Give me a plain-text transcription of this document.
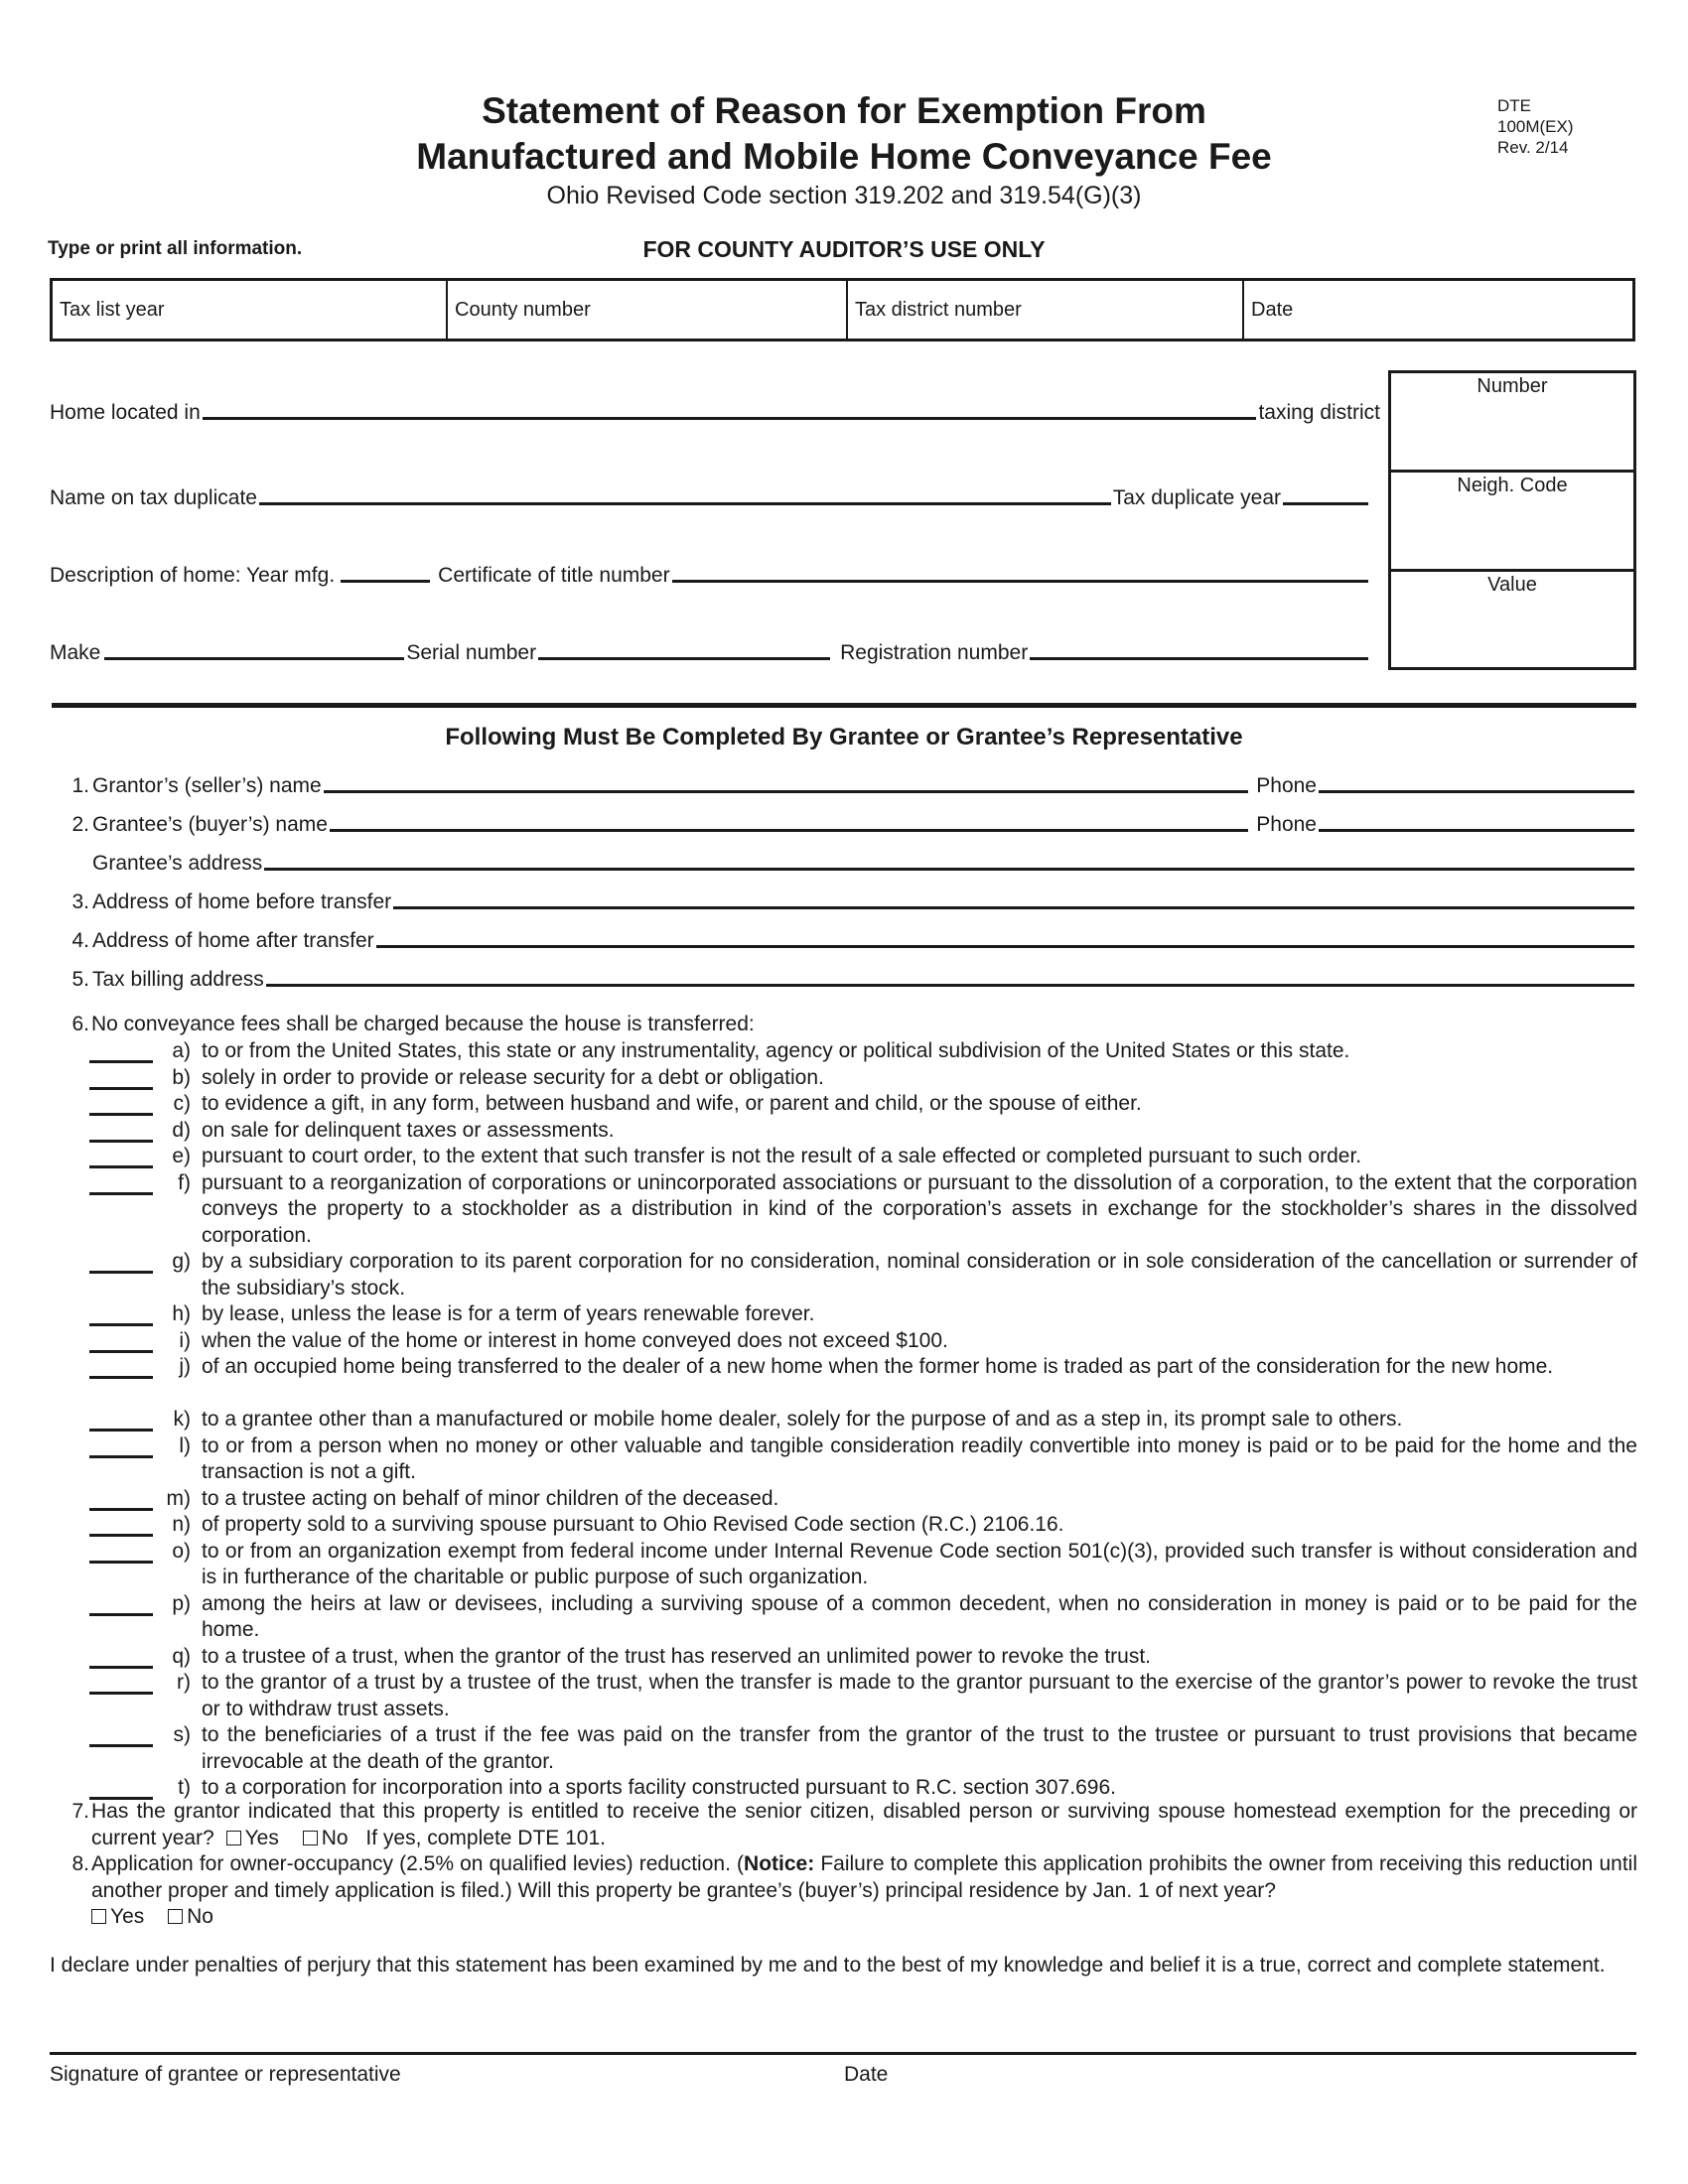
Statement of Reason for Exemption From
Manufactured and Mobile Home Conveyance Fee
Ohio Revised Code section 319.202 and 319.54(G)(3)
DTE
100M(EX)
Rev. 2/14
Type or print all information.	FOR COUNTY AUDITOR’S USE ONLY
Tax list year	County number	Tax district number	Date
Home located in	taxing district
Name on tax duplicate	Tax duplicate year
Description of home: Year mfg.	Certificate of title number
Make	Serial number	Registration number
Number
Neigh. Code
Value
Following Must Be Completed By Grantee or Grantee’s Representative
1. Grantor’s (seller’s) name	Phone
2. Grantee’s (buyer’s) name	Phone
Grantee’s address
3. Address of home before transfer
4. Address of home after transfer
5. Tax billing address
6. No conveyance fees shall be charged because the house is transferred:
a) to or from the United States, this state or any instrumentality, agency or political subdivision of the United States or this state.
b) solely in order to provide or release security for a debt or obligation.
c) to evidence a gift, in any form, between husband and wife, or parent and child, or the spouse of either.
d) on sale for delinquent taxes or assessments.
e) pursuant to court order, to the extent that such transfer is not the result of a sale effected or completed pursuant to such order.
f) pursuant to a reorganization of corporations or unincorporated associations or pursuant to the dissolution of a corporation, to the extent that the corporation conveys the property to a stockholder as a distribution in kind of the corporation’s assets in exchange for the stockholder’s shares in the dissolved corporation.
g) by a subsidiary corporation to its parent corporation for no consideration, nominal consideration or in sole consideration of the cancellation or surrender of the subsidiary’s stock.
h) by lease, unless the lease is for a term of years renewable forever.
i) when the value of the home or interest in home conveyed does not exceed $100.
j) of an occupied home being transferred to the dealer of a new home when the former home is traded as part of the consideration for the new home.
k) to a grantee other than a manufactured or mobile home dealer, solely for the purpose of and as a step in, its prompt sale to others.
l) to or from a person when no money or other valuable and tangible consideration readily convertible into money is paid or to be paid for the home and the transaction is not a gift.
m) to a trustee acting on behalf of minor children of the deceased.
n) of property sold to a surviving spouse pursuant to Ohio Revised Code section (R.C.) 2106.16.
o) to or from an organization exempt from federal income under Internal Revenue Code section 501(c)(3), provided such transfer is without consideration and is in furtherance of the charitable or public purpose of such organization.
p) among the heirs at law or devisees, including a surviving spouse of a common decedent, when no consideration in money is paid or to be paid for the home.
q) to a trustee of a trust, when the grantor of the trust has reserved an unlimited power to revoke the trust.
r) to the grantor of a trust by a trustee of the trust, when the transfer is made to the grantor pursuant to the exercise of the grantor’s power to revoke the trust or to withdraw trust assets.
s) to the beneficiaries of a trust if the fee was paid on the transfer from the grantor of the trust to the trustee or pursuant to trust provisions that became irrevocable at the death of the grantor.
t) to a corporation for incorporation into a sports facility constructed pursuant to R.C. section 307.696.
7. Has the grantor indicated that this property is entitled to receive the senior citizen, disabled person or surviving spouse homestead exemption for the preceding or current year? Yes No If yes, complete DTE 101.
8. Application for owner-occupancy (2.5% on qualified levies) reduction. (Notice: Failure to complete this application prohibits the owner from receiving this reduction until another proper and timely application is filed.) Will this property be grantee’s (buyer’s) principal residence by Jan. 1 of next year?
Yes No
I declare under penalties of perjury that this statement has been examined by me and to the best of my knowledge and belief it is a true, correct and complete statement.
Signature of grantee or representative	Date
